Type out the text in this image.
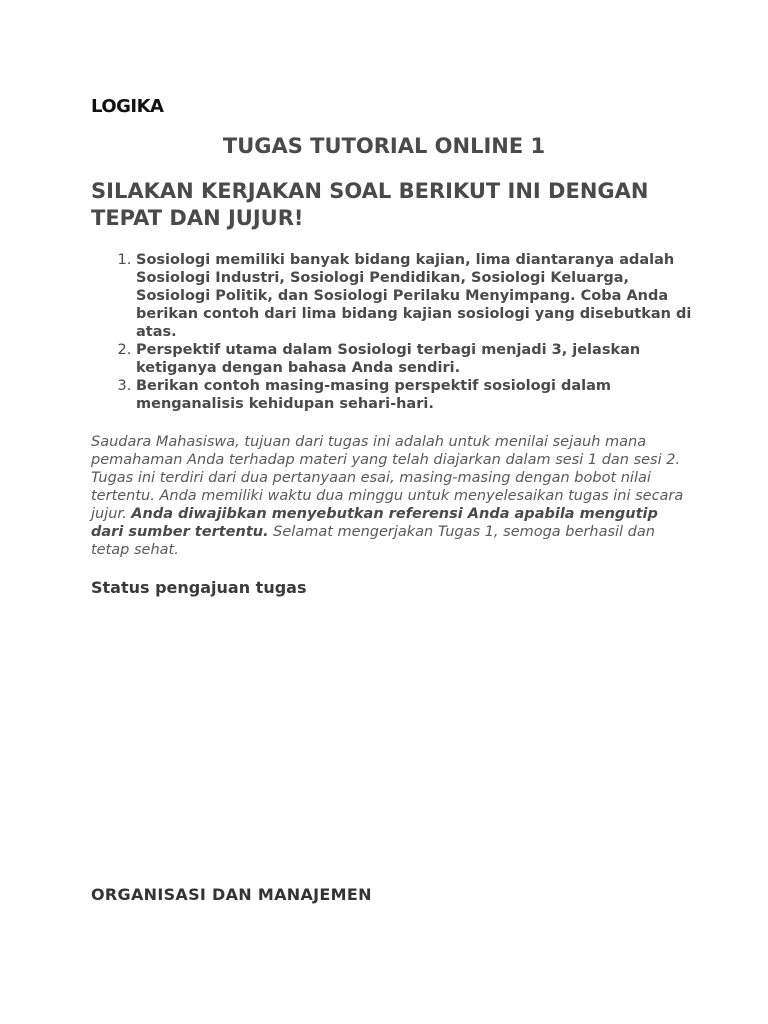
LOGIKA
TUGAS TUTORIAL ONLINE 1
SILAKAN KERJAKAN SOAL BERIKUT INI DENGAN TEPAT DAN JUJUR!
1. Sosiologi memiliki banyak bidang kajian, lima diantaranya adalah Sosiologi Industri, Sosiologi Pendidikan, Sosiologi Keluarga, Sosiologi Politik, dan Sosiologi Perilaku Menyimpang. Coba Anda berikan contoh dari lima bidang kajian sosiologi yang disebutkan di atas.
2. Perspektif utama dalam Sosiologi terbagi menjadi 3, jelaskan ketiganya dengan bahasa Anda sendiri.
3. Berikan contoh masing-masing perspektif sosiologi dalam menganalisis kehidupan sehari-hari.

Saudara Mahasiswa, tujuan dari tugas ini adalah untuk menilai sejauh mana pemahaman Anda terhadap materi yang telah diajarkan dalam sesi 1 dan sesi 2. Tugas ini terdiri dari dua pertanyaan esai, masing-masing dengan bobot nilai tertentu. Anda memiliki waktu dua minggu untuk menyelesaikan tugas ini secara jujur. Anda diwajibkan menyebutkan referensi Anda apabila mengutip dari sumber tertentu. Selamat mengerjakan Tugas 1, semoga berhasil dan tetap sehat.

Status pengajuan tugas
ORGANISASI DAN MANAJEMEN
